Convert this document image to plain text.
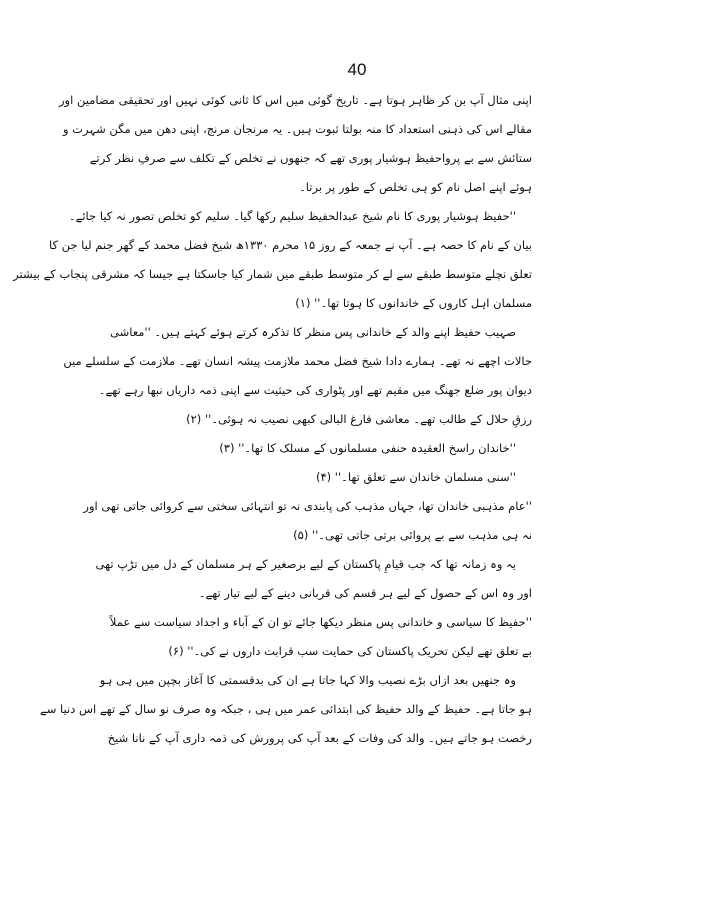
40
اپنی مثال آپ بن کر ظاہر ہوتا ہے۔ تاریخ گوئی میں اس کا ثانی کوئی نہیں اور تحقیقی مضامین اور
مقالے اس کی ذہنی استعداد کا منہ بولتا ثبوت ہیں۔ یہ مرنجان مرنج، اپنی دھن میں مگن شہرت و
ستائش سے بے پرواحفیظ ہوشیار پوری تھے کہ جنھوں نے تخلص کے تکلف سے صرفِ نظر کرتے
ہوئے اپنے اصل نام کو ہی تخلص کے طور پر برتا۔
''حفیظ ہوشیار پوری کا نام شیخ عبدالحفیظ سلیم رکھا گیا۔ سلیم کو تخلص تصور نہ کیا جائے۔
بیان کے نام کا حصہ ہے۔ آپ نے جمعہ کے روز ۱۵ محرم ۱۳۳۰ھ شیخ فضل محمد کے گھر جنم لیا جن کا
تعلق نچلے متوسط طبقے سے لے کر متوسط طبقے میں شمار کیا جاسکتا ہے جیسا کہ مشرقی پنجاب کے بیشتر
مسلمان اہل کاروں کے خاندانوں کا ہوتا تھا۔'' (۱)
صہیب حفیظ اپنے والد کے خاندانی پس منظر کا تذکرہ کرتے ہوئے کہتے ہیں۔ ''معاشی
حالات اچھے نہ تھے۔ ہمارے دادا شیخ فضل محمد ملازمت پیشہ انسان تھے۔ ملازمت کے سلسلے میں
دیوان پور ضلع جھنگ میں مقیم تھے اور پٹواری کی حیثیت سے اپنی ذمہ داریاں نبھا رہے تھے۔
رزقِ حلال کے طالب تھے۔ معاشی فارغ البالی کبھی نصیب نہ ہوئی۔'' (۲)
''خاندان راسخ العقیدہ حنفی مسلمانوں کے مسلک کا تھا۔'' (۳)
''سنی مسلمان خاندان سے تعلق تھا۔'' (۴)
''عام مذہبی خاندان تھا، جہاں مذہب کی پابندی نہ تو انتہائی سختی سے کروائی جاتی تھی اور
نہ ہی مذہب سے بے پروائی برتی جاتی تھی۔'' (۵)
یہ وہ زمانہ تھا کہ جب قیامِ پاکستان کے لیے برصغیر کے ہر مسلمان کے دل میں تڑپ تھی
اور وہ اس کے حصول کے لیے ہر قسم کی قربانی دینے کے لیے تیار تھے۔
''حفیظ کا سیاسی و خاندانی پس منظر دیکھا جائے تو ان کے آباء و اجداد سیاست سے عملاً
بے تعلق تھے لیکن تحریک پاکستان کی حمایت سب قرابت داروں نے کی۔'' (۶)
وہ جنھیں بعد ازاں بڑے نصیب والا کہا جاتا ہے ان کی بدقسمتی کا آغاز بچپن میں ہی ہو
ہو جاتا ہے۔ حفیظ کے والد حفیظ کی ابتدائی عمر میں ہی ، جبکہ وہ صرف نو سال کے تھے اس دنیا سے
رخصت ہو جاتے ہیں۔ والد کی وفات کے بعد آپ کی پرورش کی ذمہ داری آپ کے نانا شیخ
